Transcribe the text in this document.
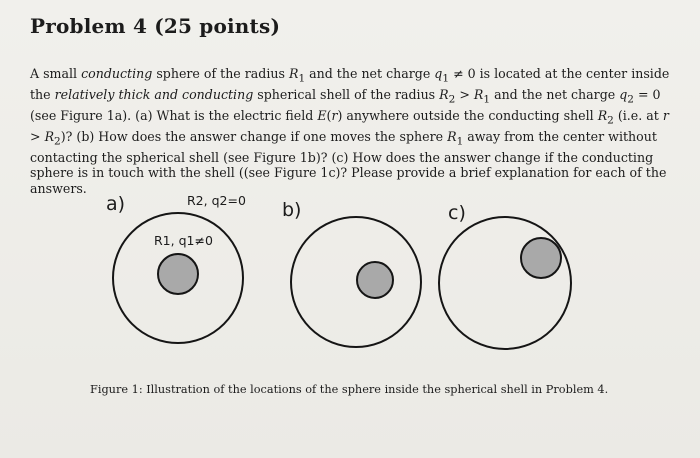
Problem 4 (25 points)
A small conducting sphere of the radius $R_1$ and the net charge $q_1 \ne 0$ is located at the center inside the relatively thick and conducting spherical shell of the radius $R_2 > R_1$ and the net charge $q_2 = 0$ (see Figure 1a). (a) What is the electric field E(r) anywhere outside the conducting shell $R_2$ (i.e. at $r > R_2$)? (b) How does the answer change if one moves the sphere $R_1$ away from the center without contacting the spherical shell (see Figure 1b)? (c) How does the answer change if the conducting sphere is in touch with the shell ((see Figure 1c)? Please provide a brief explanation for each of the answers.
a)	R2, q2=0 b)	c)
R1, q1≠0
Figure 1: Illustration of the locations of the sphere inside the spherical shell in Problem 4.
